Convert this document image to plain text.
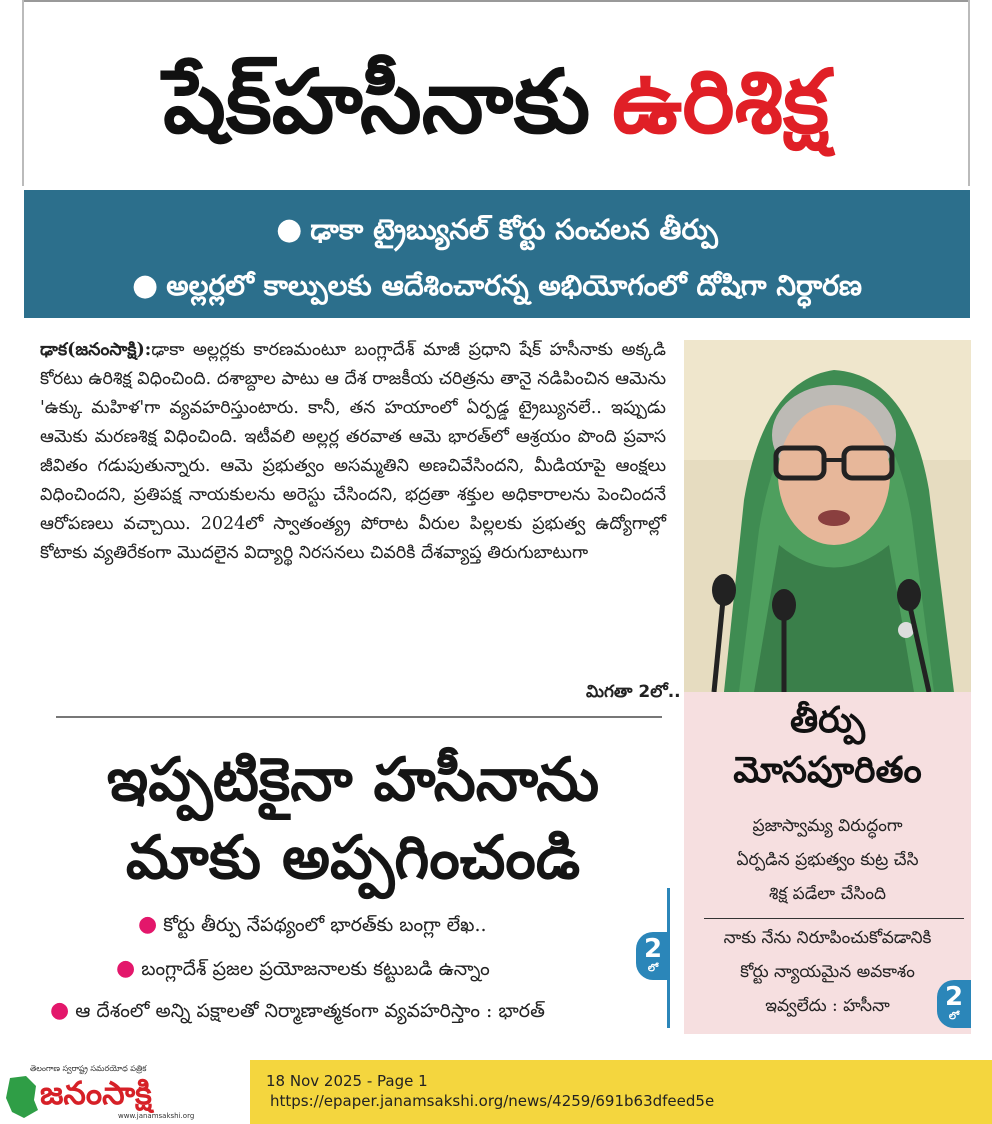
షేక్‌హసీనాకు ఉరిశిక్ష
● ఢాకా ట్రైబ్యునల్‌ కోర్టు సంచలన తీర్పు
● అల్లర్లలో కాల్పులకు ఆదేశించారన్న అభియోగంలో దోషిగా నిర్ధారణ
ఢాక(జనంసాక్షి):ఢాకా అల్లర్లకు కారణమంటూ బంగ్లాదేశ్‌ మాజీ ప్రధాని షేక్‌ హసీనాకు అక్కడి కోరటు ఉరిశిక్ష విధించింది. దశాబ్దాల పాటు ఆ దేశ రాజకీయ చరిత్రను తానై నడిపించిన ఆమెను 'ఉక్కు మహిళ'గా వ్యవహరిస్తుంటారు. కానీ, తన హయాంలో ఏర్పడ్డ ట్రైబ్యునలే.. ఇప్పుడు ఆమెకు మరణశిక్ష విధించింది. ఇటీవలి అల్లర్ల తరవాత ఆమె భారత్‌లో ఆశ్రయం పొంది ప్రవాస జీవితం గడుపుతున్నారు. ఆమె ప్రభుత్వం అసమ్మతిని అణచివేసిందని, మీడియాపై ఆంక్షలు విధించిందని, ప్రతిపక్ష నాయకులను అరెస్టు చేసిందని, భద్రతా శక్తుల అధికారాలను పెంచిందనే ఆరోపణలు వచ్చాయి. 2024లో స్వాతంత్య్ర పోరాట వీరుల పిల్లలకు ప్రభుత్వ ఉద్యోగాల్లో కోటాకు వ్యతిరేకంగా మొదలైన విద్యార్థి నిరసనలు చివరికి దేశవ్యాప్త తిరుగుబాటుగా
మిగతా 2లో..
ఇప్పటికైనా హసీనాను
మాకు అప్పగించండి
● కోర్టు తీర్పు నేపథ్యంలో భారత్‌కు బంగ్లా లేఖ..
● బంగ్లాదేశ్‌ ప్రజల ప్రయోజనాలకు కట్టుబడి ఉన్నాం
● ఆ దేశంలో అన్ని పక్షాలతో నిర్మాణాత్మకంగా వ్యవహరిస్తాం : భారత్‌
2
లో
తీర్పు
మోసపూరితం
ప్రజాస్వామ్య విరుద్ధంగా
ఏర్పడిన ప్రభుత్వం కుట్ర చేసి
శిక్ష పడేలా చేసింది
నాకు నేను నిరూపించుకోవడానికి
కోర్టు న్యాయమైన అవకాశం
ఇవ్వలేదు : హసీనా	2
లో
తెలంగాణ స్వరాష్ట్ర సమరయోధ పత్రిక
జనంసాక్షి
www.janamsakshi.org
18 Nov 2025 - Page 1
https://epaper.janamsakshi.org/news/4259/691b63dfeed5e
